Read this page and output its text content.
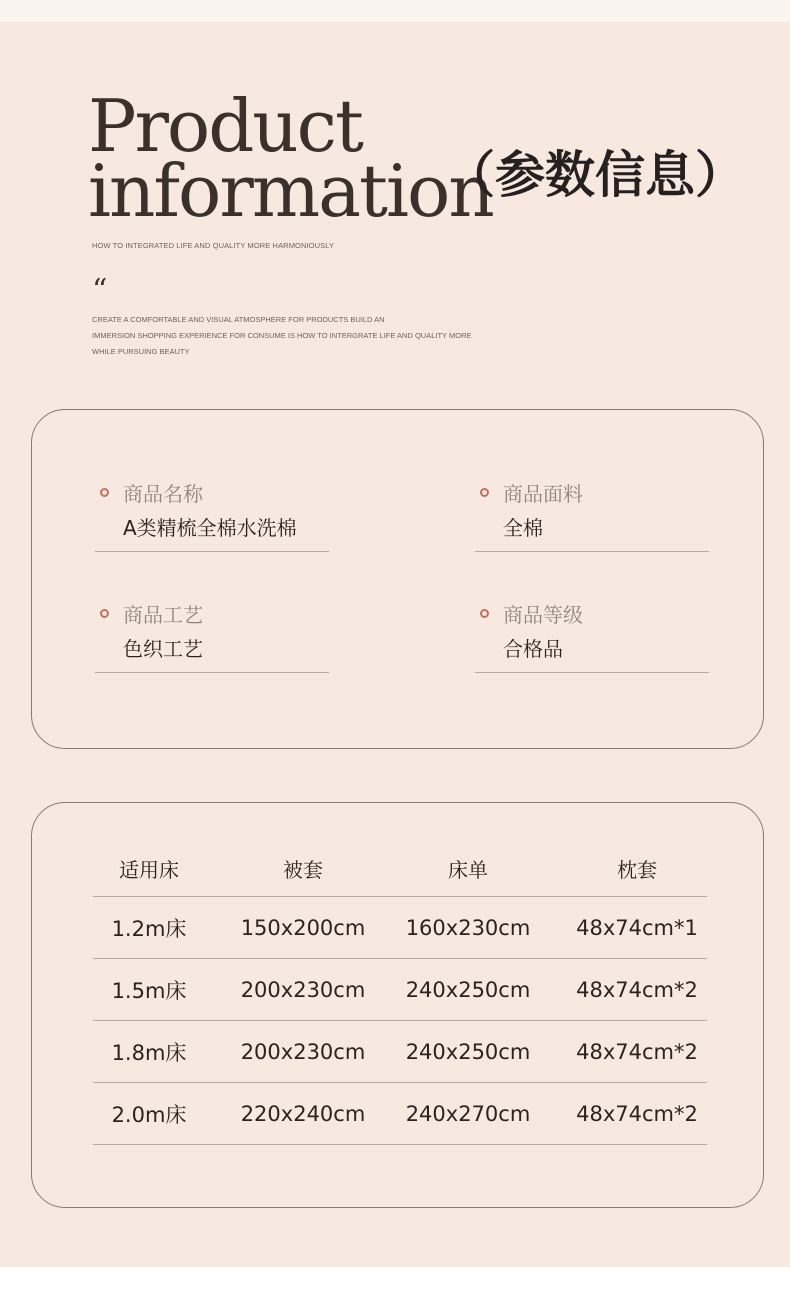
Product
information
（参数信息）
HOW TO INTEGRATED LIFE AND QUALITY MORE HARMONIOUSLY
“
CREATE A COMFORTABLE AND VISUAL ATMOSPHERE FOR PRODUCTS BUILD AN
IMMERSION SHOPPING EXPERIENCE FOR CONSUME IS HOW TO INTERGRATE LIFE AND QUALITY MORE
WHILE PURSUING BEAUTY
商品名称
A类精梳全棉水洗棉
商品面料
全棉
商品工艺
色织工艺
商品等级
合格品
适用床	被套	床单	枕套
1.2m床	150x200cm 160x230cm 48x74cm*1
1.5m床	200x230cm 240x250cm 48x74cm*2
1.8m床	200x230cm 240x250cm 48x74cm*2
2.0m床	220x240cm 240x270cm 48x74cm*2
